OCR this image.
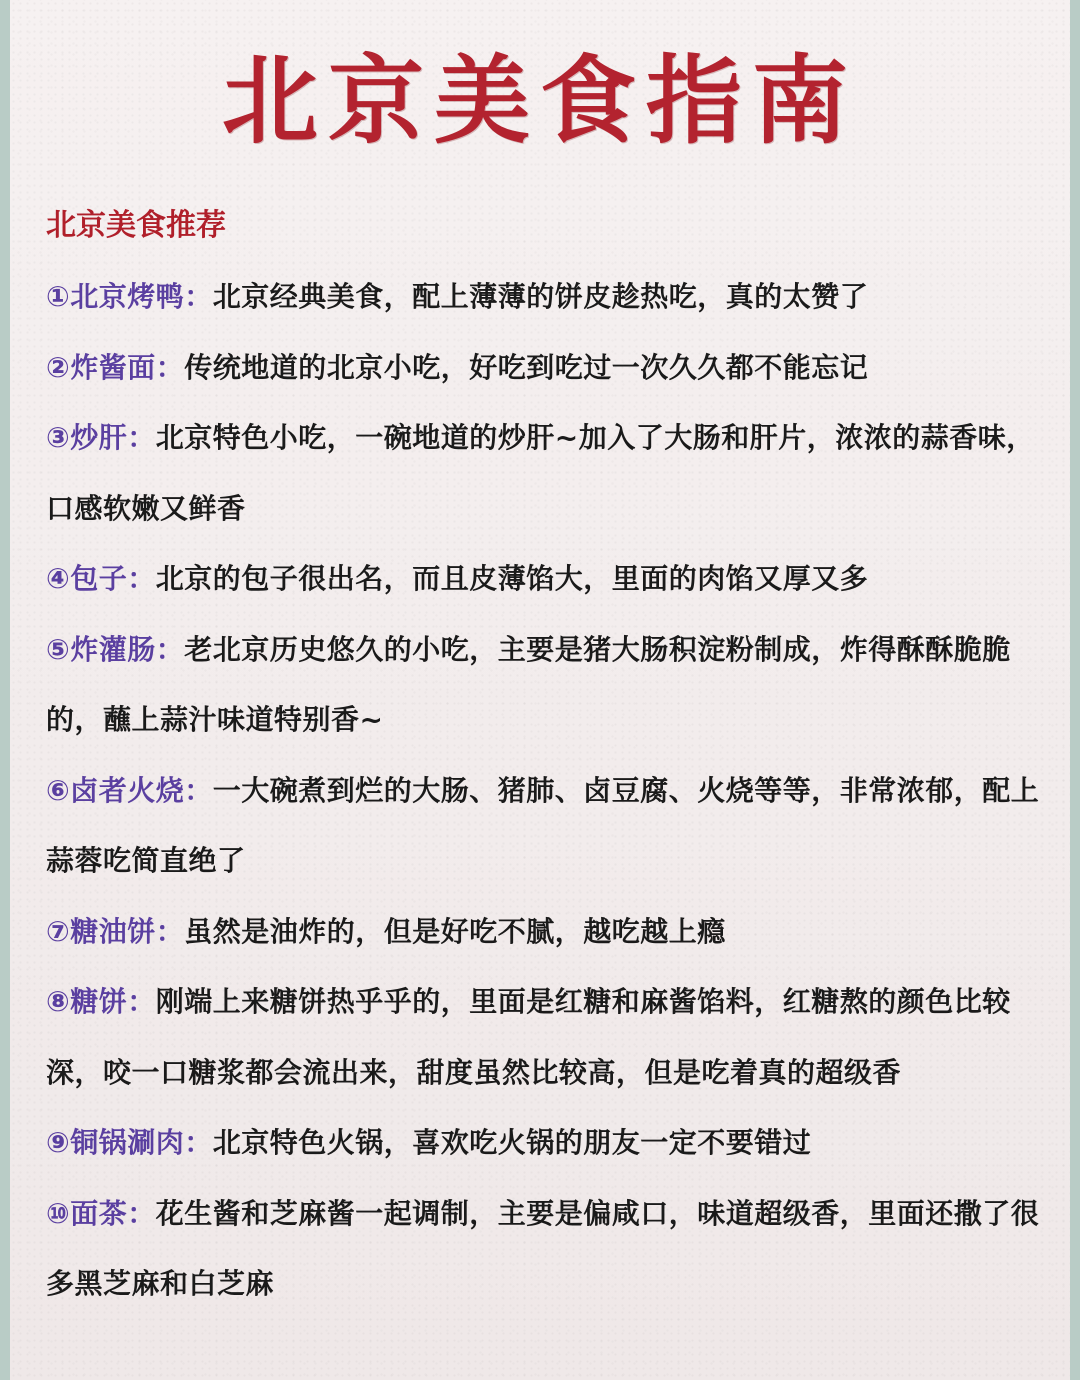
北京美食指南
北京美食推荐
①北京烤鸭：北京经典美食，配上薄薄的饼皮趁热吃，真的太赞了
②炸酱面：传统地道的北京小吃，好吃到吃过一次久久都不能忘记
③炒肝：北京特色小吃，一碗地道的炒肝~加入了大肠和肝片，浓浓的蒜香味，口感软嫩又鲜香
④包子：北京的包子很出名，而且皮薄馅大，里面的肉馅又厚又多
⑤炸灌肠：老北京历史悠久的小吃，主要是猪大肠积淀粉制成，炸得酥酥脆脆的，蘸上蒜汁味道特别香~
⑥卤者火烧：一大碗煮到烂的大肠、猪肺、卤豆腐、火烧等等，非常浓郁，配上蒜蓉吃简直绝了
⑦糖油饼：虽然是油炸的，但是好吃不腻，越吃越上瘾
⑧糖饼：刚端上来糖饼热乎乎的，里面是红糖和麻酱馅料，红糖熬的颜色比较深，咬一口糖浆都会流出来，甜度虽然比较高，但是吃着真的超级香
⑨铜锅涮肉：北京特色火锅，喜欢吃火锅的朋友一定不要错过
⑩面茶：花生酱和芝麻酱一起调制，主要是偏咸口，味道超级香，里面还撒了很多黑芝麻和白芝麻
